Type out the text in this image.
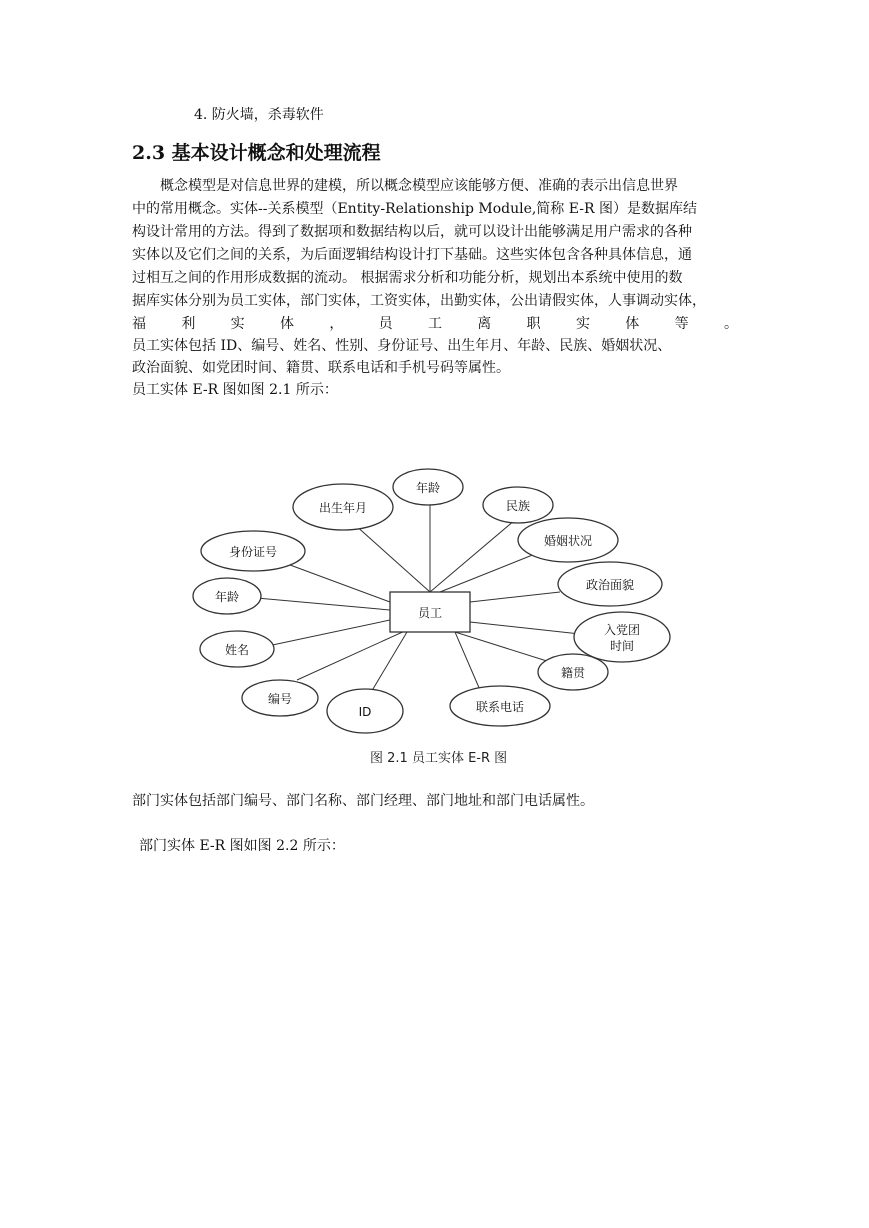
4. 防火墙，杀毒软件
2.3 基本设计概念和处理流程
概念模型是对信息世界的建模，所以概念模型应该能够方便、准确的表示出信息世界
中的常用概念。实体--关系模型（Entity-Relationship Module,简称 E-R 图）是数据库结
构设计常用的方法。得到了数据项和数据结构以后，就可以设计出能够满足用户需求的各种
实体以及它们之间的关系，为后面逻辑结构设计打下基础。这些实体包含各种具体信息，通
过相互之间的作用形成数据的流动。 根据需求分析和功能分析，规划出本系统中使用的数
据库实体分别为员工实体，部门实体，工资实体，出勤实体，公出请假实体，人事调动实体，
福	利	实	体	，	员	工	离	职	实	体	等	。
员工实体包括 ID、编号、姓名、性别、身份证号、出生年月、年龄、民族、婚姻状况、
政治面貌、如党团时间、籍贯、联系电话和手机号码等属性。
员工实体 E-R 图如图 2.1 所示：
员工
出生年月
年龄
民族
婚姻状况
政治面貌
入党团
时间
籍贯
联系电话
ID
编号
姓名
年龄
身份证号
图 2.1 员工实体 E-R 图
部门实体包括部门编号、部门名称、部门经理、部门地址和部门电话属性。
部门实体 E-R 图如图 2.2 所示：
